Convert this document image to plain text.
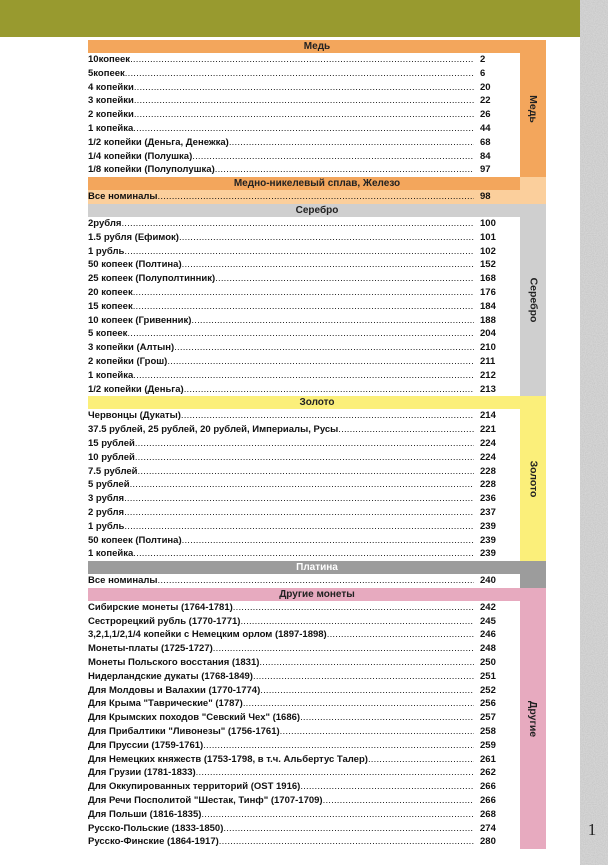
1
Медь
10копеек .....	2
5копеек .....	6
4 копейки .....	20
3 копейки .....	22
2 копейки .....	26
1 копейка .....	44
1/2 копейки (Деньга, Денежка) .....	68
1/4 копейки (Полушка) .....	84
1/8 копейки (Полуполушка) .....	97
Медь
Медно-никелевый сплав, Железо
Все номиналы .....	98
Серебро
2рубля .....	100
1.5 рубля (Ефимок) .....	101
1 рубль .....	102
50 копеек (Полтина) .....	152
25 копеек (Полуполтинник) .....	168
20 копеек .....	176
15 копеек .....	184
10 копеек (Гривенник) .....	188
5 копеек .....	204
3 копейки (Алтын) .....	210
2 копейки (Грош) .....	211
1 копейка .....	212
1/2 копейки (Деньга) .....	213
Серебро
Золото
Червонцы (Дукаты) .....	214
37.5 рублей, 25 рублей, 20 рублей, Империалы, Русы .....	221
15 рублей .....	224
10 рублей .....	224
7.5 рублей .....	228
5 рублей .....	228
3 рубля .....	236
2 рубля .....	237
1 рубль .....	239
50 копеек (Полтина) .....	239
1 копейка .....	239
Золото
Платина
Все номиналы .....	240
Другие монеты
Сибирские монеты (1764-1781) .....	242
Сестрорецкий рубль (1770-1771) .....	245
3,2,1,1/2,1/4 копейки с Немецким орлом (1897-1898) .....	246
Монеты-платы (1725-1727) .....	248
Монеты Польского восстания (1831) .....	250
Нидерландские дукаты (1768-1849) .....	251
Для Молдовы и Валахии (1770-1774) .....	252
Для Крыма "Таврические" (1787) .....	256
Для Крымских походов "Севский Чех" (1686) .....	257
Для Прибалтики "Ливонезы" (1756-1761) .....	258
Для Пруссии (1759-1761) .....	259
Для Немецких княжеств (1753-1798, в т.ч. Альбертус Талер) .....	261
Для Грузии (1781-1833) .....	262
Для Оккупированных территорий (OST 1916) .....	266
Для Речи Посполитой "Шестак, Тинф" (1707-1709) .....	266
Для Польши (1816-1835) .....	268
Русско-Польские (1833-1850) .....	274
Русско-Финские (1864-1917) .....	280
Другие
